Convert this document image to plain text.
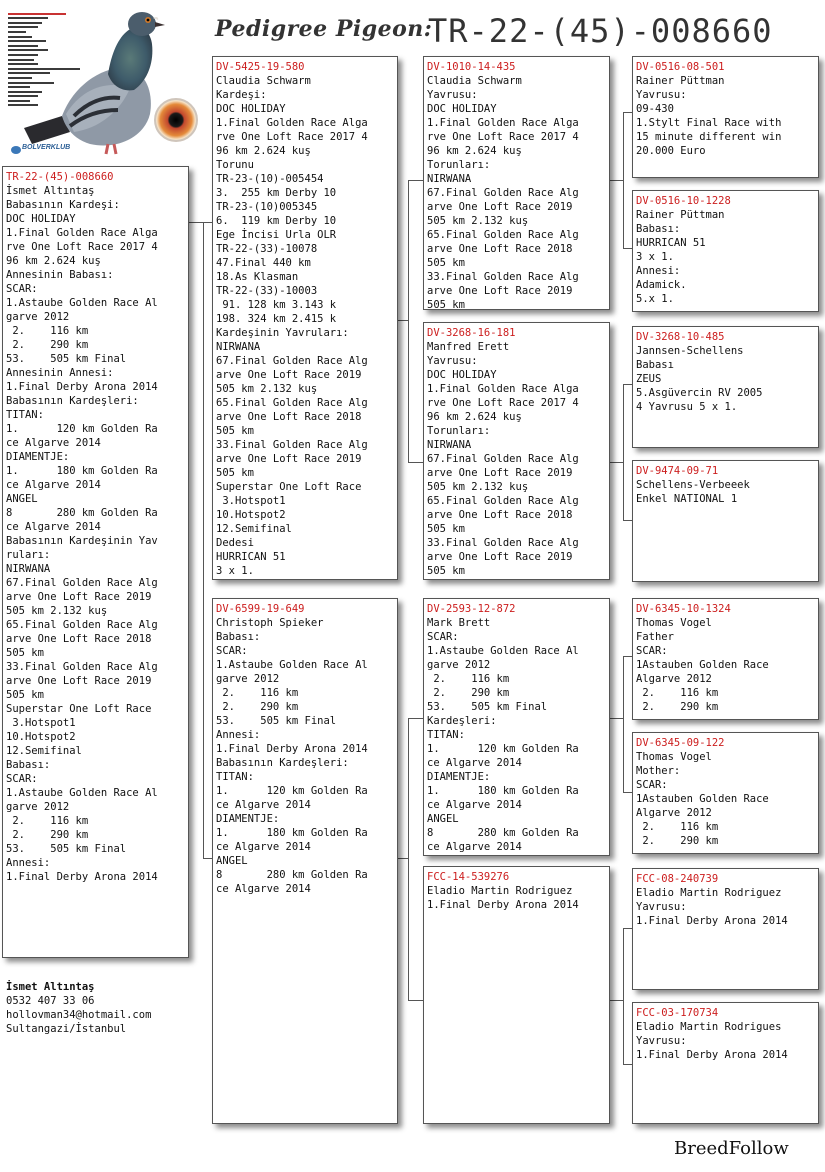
BOLVERKLUB
Pedigree Pigeon:
TR-22-(45)-008660
TR-22-(45)-008660
İsmet Altıntaş
Babasının Kardeşi:
DOC HOLIDAY
1.Final Golden Race Alga
rve One Loft Race 2017 4
96 km 2.624 kuş
Annesinin Babası:
SCAR:
1.Astaube Golden Race Al
garve 2012
2.    116 km
2.    290 km
53.    505 km Final
Annesinin Annesi:
1.Final Derby Arona 2014
Babasının Kardeşleri:
TITAN:
1.      120 km Golden Ra
ce Algarve 2014
DIAMENTJE:
1.      180 km Golden Ra
ce Algarve 2014
ANGEL
8       280 km Golden Ra
ce Algarve 2014
Babasının Kardeşinin Yav
ruları:
NIRWANA
67.Final Golden Race Alg
arve One Loft Race 2019
505 km 2.132 kuş
65.Final Golden Race Alg
arve One Loft Race 2018
505 km
33.Final Golden Race Alg
arve One Loft Race 2019
505 km
Superstar One Loft Race
3.Hotspot1
10.Hotspot2
12.Semifinal
Babası:
SCAR:
1.Astaube Golden Race Al
garve 2012
2.    116 km
2.    290 km
53.    505 km Final
Annesi:
1.Final Derby Arona 2014
DV-5425-19-580
Claudia Schwarm
Kardeşi:
DOC HOLIDAY
1.Final Golden Race Alga
rve One Loft Race 2017 4
96 km 2.624 kuş
Torunu
TR-23-(10)-005454
3.  255 km Derby 10
TR-23-(10)005345
6.  119 km Derby 10
Ege İncisi Urla OLR
TR-22-(33)-10078
47.Final 440 km
18.As Klasman
TR-22-(33)-10003
91. 128 km 3.143 k
198. 324 km 2.415 k
Kardeşinin Yavruları:
NIRWANA
67.Final Golden Race Alg
arve One Loft Race 2019
505 km 2.132 kuş
65.Final Golden Race Alg
arve One Loft Race 2018
505 km
33.Final Golden Race Alg
arve One Loft Race 2019
505 km
Superstar One Loft Race
3.Hotspot1
10.Hotspot2
12.Semifinal
Dedesi
HURRICAN 51
3 x 1.
DV-6599-19-649
Christoph Spieker
Babası:
SCAR:
1.Astaube Golden Race Al
garve 2012
2.    116 km
2.    290 km
53.    505 km Final
Annesi:
1.Final Derby Arona 2014
Babasının Kardeşleri:
TITAN:
1.      120 km Golden Ra
ce Algarve 2014
DIAMENTJE:
1.      180 km Golden Ra
ce Algarve 2014
ANGEL
8       280 km Golden Ra
ce Algarve 2014
DV-1010-14-435
Claudia Schwarm
Yavrusu:
DOC HOLIDAY
1.Final Golden Race Alga
rve One Loft Race 2017 4
96 km 2.624 kuş
Torunları:
NIRWANA
67.Final Golden Race Alg
arve One Loft Race 2019
505 km 2.132 kuş
65.Final Golden Race Alg
arve One Loft Race 2018
505 km
33.Final Golden Race Alg
arve One Loft Race 2019
505 km
DV-3268-16-181
Manfred Erett
Yavrusu:
DOC HOLIDAY
1.Final Golden Race Alga
rve One Loft Race 2017 4
96 km 2.624 kuş
Torunları:
NIRWANA
67.Final Golden Race Alg
arve One Loft Race 2019
505 km 2.132 kuş
65.Final Golden Race Alg
arve One Loft Race 2018
505 km
33.Final Golden Race Alg
arve One Loft Race 2019
505 km
DV-2593-12-872
Mark Brett
SCAR:
1.Astaube Golden Race Al
garve 2012
2.    116 km
2.    290 km
53.    505 km Final
Kardeşleri:
TITAN:
1.      120 km Golden Ra
ce Algarve 2014
DIAMENTJE:
1.      180 km Golden Ra
ce Algarve 2014
ANGEL
8       280 km Golden Ra
ce Algarve 2014
FCC-14-539276
Eladio Martin Rodriguez
1.Final Derby Arona 2014
DV-0516-08-501
Rainer Püttman
Yavrusu:
09-430
1.Stylt Final Race with
15 minute different win
20.000 Euro
DV-0516-10-1228
Rainer Püttman
Babası:
HURRICAN 51
3 x 1.
Annesi:
Adamick.
5.x 1.
DV-3268-10-485
Jannsen-Schellens
Babası
ZEUS
5.Asgüvercin RV 2005
4 Yavrusu 5 x 1.
DV-9474-09-71
Schellens-Verbeeek
Enkel NATIONAL 1
DV-6345-10-1324
Thomas Vogel
Father
SCAR:
1Astauben Golden Race
Algarve 2012
2.    116 km
2.    290 km
DV-6345-09-122
Thomas Vogel
Mother:
SCAR:
1Astauben Golden Race
Algarve 2012
2.    116 km
2.    290 km
FCC-08-240739
Eladio Martin Rodriguez
Yavrusu:
1.Final Derby Arona 2014
FCC-03-170734
Eladio Martin Rodrigues
Yavrusu:
1.Final Derby Arona 2014
İsmet Altıntaş
0532 407 33 06
hollovman34@hotmail.com
Sultangazi/İstanbul
BreedFollow
